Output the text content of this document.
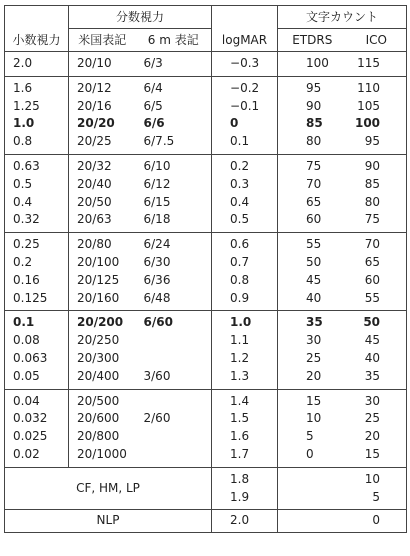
	分数視力			文字カウント	
小数視力	米国表記	6 m 表記	logMAR	ETDRS	ICO
2.0	20/10	6/3	−0.3	100	115
1.6	20/12	6/4	−0.2	95	110
1.25	20/16	6/5	−0.1	90	105
1.0	20/20	6/6	0	85	100
0.8	20/25	6/7.5	0.1	80	95
0.63	20/32	6/10	0.2	75	90
0.5	20/40	6/12	0.3	70	85
0.4	20/50	6/15	0.4	65	80
0.32	20/63	6/18	0.5	60	75
0.25	20/80	6/24	0.6	55	70
0.2	20/100	6/30	0.7	50	65
0.16	20/125	6/36	0.8	45	60
0.125	20/160	6/48	0.9	40	55
0.1	20/200	6/60	1.0	35	50
0.08	20/250		1.1	30	45
0.063	20/300		1.2	25	40
0.05	20/400	3/60	1.3	20	35
0.04	20/500		1.4	15	30
0.032	20/600	2/60	1.5	10	25
0.025	20/800		1.6	5	20
0.02	20/1000		1.7	0	15
CF, HM, LP			1.8		10
			1.9		5
NLP			2.0		0
